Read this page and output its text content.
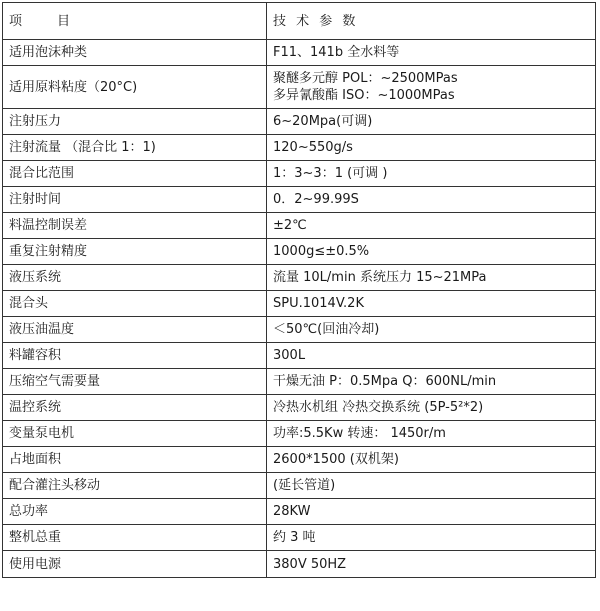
项　　目	技 术 参 数
适用泡沫种类	F11、141b 全水料等
适用原料粘度（20°C)	聚醚多元醇 POL：~2500MPas
多异氰酸酯 ISO：~1000MPas

注射压力	6~20Mpa(可调)
注射流量 （混合比 1：1)	120~550g/s
混合比范围	1：3~3：1 (可调 )
注射时间	0．2~99.99S
料温控制误差	±2℃
重复注射精度	1000g≤±0.5%
液压系统	流量 10L/min 系统压力 15~21MPa
混合头	SPU.1014V.2K
液压油温度	＜50℃(回油冷却)
料罐容积	300L
压缩空气需要量	干燥无油 P：0.5Mpa Q：600NL/min
温控系统	冷热水机组 冷热交换系统 (5P-5²*2)
变量泵电机	功率:5.5Kw 转速： 1450r/m
占地面积	2600*1500 (双机架)
配合灌注头移动	(延长管道)
总功率	28KW
整机总重	约 3 吨
使用电源	380V 50HZ
